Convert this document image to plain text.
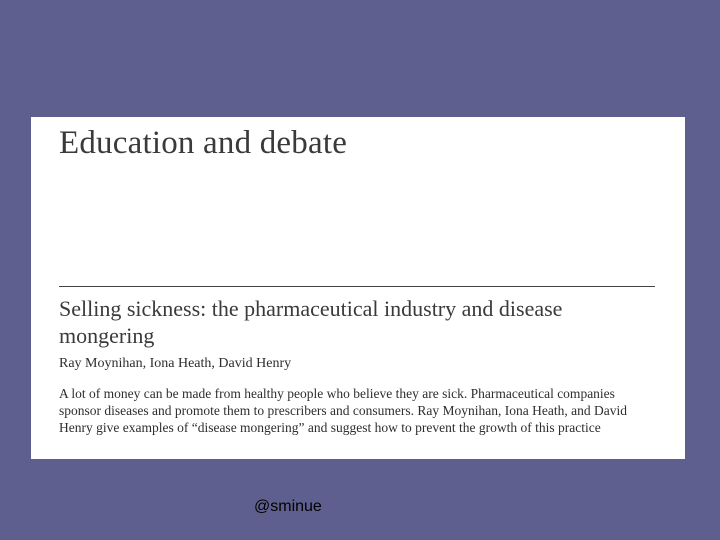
Education and debate
Selling sickness: the pharmaceutical industry and disease mongering

Ray Moynihan, Iona Heath, David Henry

A lot of money can be made from healthy people who believe they are sick. Pharmaceutical companies sponsor diseases and promote them to prescribers and consumers. Ray Moynihan, Iona Heath, and David Henry give examples of “disease mongering” and suggest how to prevent the growth of this practice

@sminue
